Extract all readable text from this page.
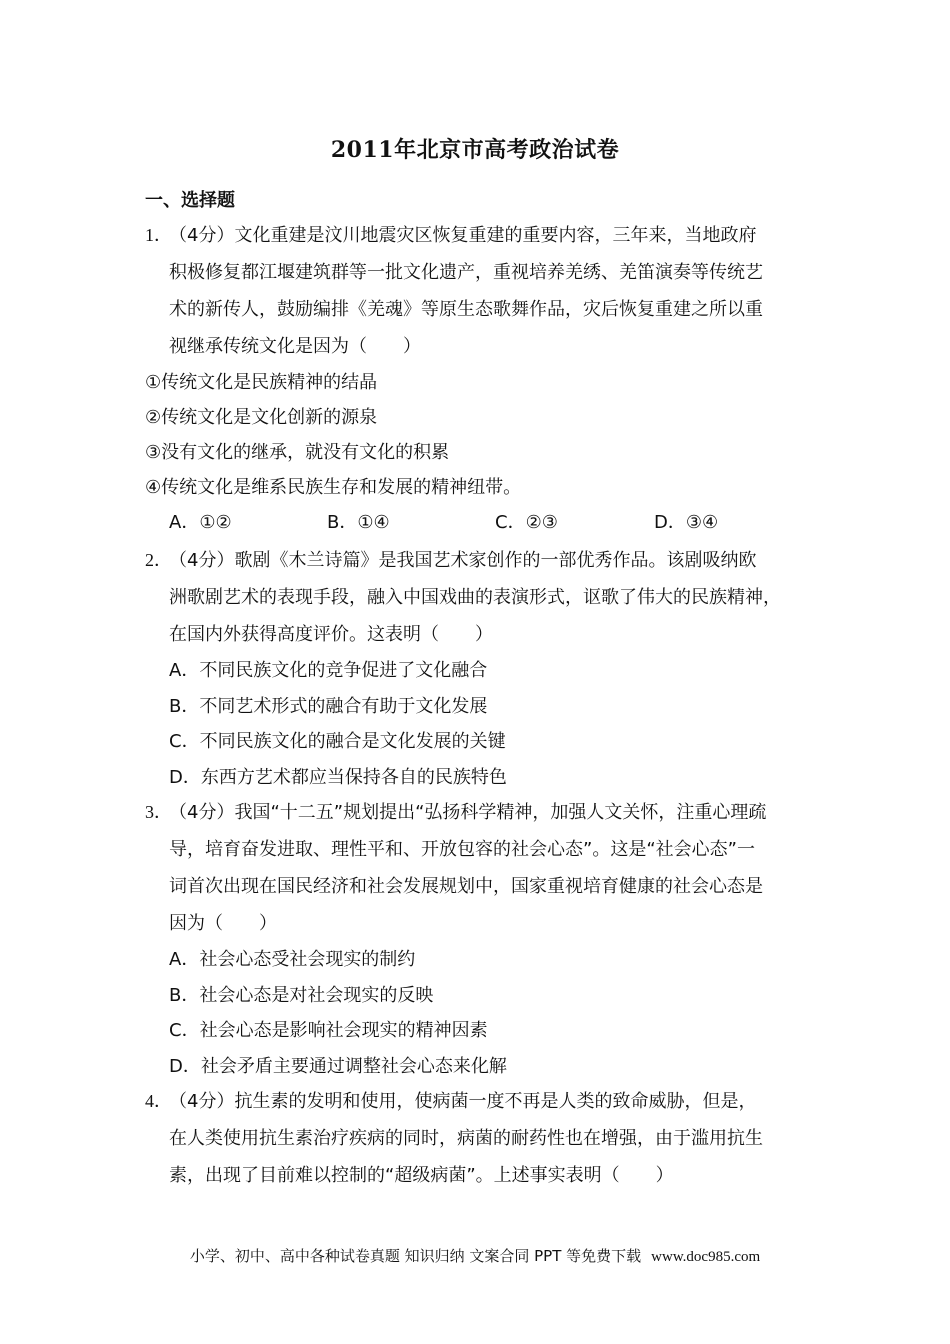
2011年北京市高考政治试卷
一、选择题
1．
（4分）文化重建是汶川地震灾区恢复重建的重要内容，三年来，当地政府
积极修复都江堰建筑群等一批文化遗产，重视培养羌绣、羌笛演奏等传统艺
术的新传人，鼓励编排《羌魂》等原生态歌舞作品，灾后恢复重建之所以重
视继承传统文化是因为（　　）
①传统文化是民族精神的结晶
②传统文化是文化创新的源泉
③没有文化的继承，就没有文化的积累
④传统文化是维系民族生存和发展的精神纽带。
A．①②	B．①④	C．②③	D．③④
2．
（4分）歌剧《木兰诗篇》是我国艺术家创作的一部优秀作品。该剧吸纳欧
洲歌剧艺术的表现手段，融入中国戏曲的表演形式，讴歌了伟大的民族精神，
在国内外获得高度评价。这表明（　　）
A．不同民族文化的竞争促进了文化融合
B．不同艺术形式的融合有助于文化发展
C．不同民族文化的融合是文化发展的关键
D．东西方艺术都应当保持各自的民族特色
3．
（4分）我国“十二五”规划提出“弘扬科学精神，加强人文关怀，注重心理疏
导，培育奋发进取、理性平和、开放包容的社会心态”。这是“社会心态”一
词首次出现在国民经济和社会发展规划中，国家重视培育健康的社会心态是
因为（　　）
A．社会心态受社会现实的制约
B．社会心态是对社会现实的反映
C．社会心态是影响社会现实的精神因素
D．社会矛盾主要通过调整社会心态来化解
4．
（4分）抗生素的发明和使用，使病菌一度不再是人类的致命威胁，但是，
在人类使用抗生素治疗疾病的同时，病菌的耐药性也在增强，由于滥用抗生
素，出现了目前难以控制的“超级病菌”。上述事实表明（　　）
小学、初中、高中各种试卷真题 知识归纳 文案合同 PPT 等免费下载 www.doc985.com
